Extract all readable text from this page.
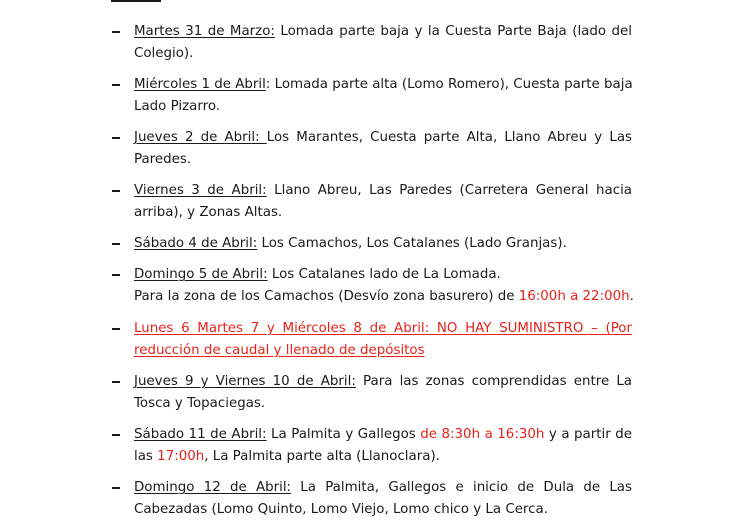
Martes 31 de Marzo: Lomada parte baja y la Cuesta Parte Baja (lado del
Colegio).
Miércoles 1 de Abril: Lomada parte alta (Lomo Romero), Cuesta parte baja
Lado Pizarro.
Jueves 2 de Abril: Los Marantes, Cuesta parte Alta, Llano Abreu y Las
Paredes.
Viernes 3 de Abril: Llano Abreu, Las Paredes (Carretera General hacia
arriba), y Zonas Altas.
Sábado 4 de Abril: Los Camachos, Los Catalanes (Lado Granjas).
Domingo 5 de Abril: Los Catalanes lado de La Lomada.
Para la zona de los Camachos (Desvío zona basurero) de 16:00h a 22:00h.
Lunes 6 Martes 7 y Miércoles 8 de Abril: NO HAY SUMINISTRO – (Por
reducción de caudal y llenado de depósitos
Jueves 9 y Viernes 10 de Abril: Para las zonas comprendidas entre La
Tosca y Topaciegas.
Sábado 11 de Abril: La Palmita y Gallegos de 8:30h a 16:30h y a partir de
las 17:00h, La Palmita parte alta (Llanoclara).
Domingo 12 de Abril: La Palmita, Gallegos e inicio de Dula de Las
Cabezadas (Lomo Quinto, Lomo Viejo, Lomo chico y La Cerca.
